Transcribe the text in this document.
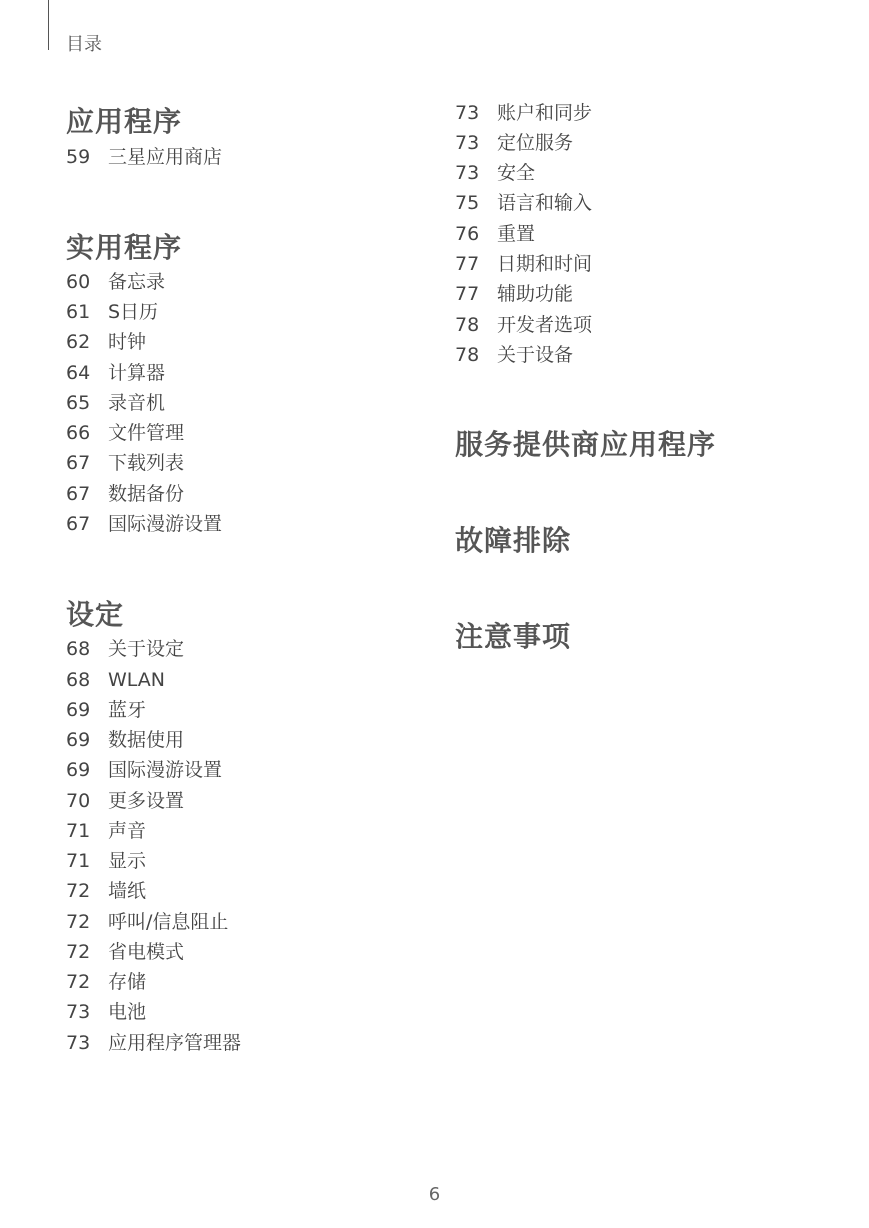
目录
应用程序
59 三星应用商店
实用程序
60 备忘录
61 S日历
62 时钟
64 计算器
65 录音机
66 文件管理
67 下载列表
67 数据备份
67 国际漫游设置
设定
68 关于设定
68 WLAN
69 蓝牙
69 数据使用
69 国际漫游设置
70 更多设置
71 声音
71 显示
72 墙纸
72 呼叫/信息阻止
72 省电模式
72 存储
73 电池
73 应用程序管理器
73 账户和同步
73 定位服务
73 安全
75 语言和输入
76 重置
77 日期和时间
77 辅助功能
78 开发者选项
78 关于设备
服务提供商应用程序
故障排除
注意事项
6
